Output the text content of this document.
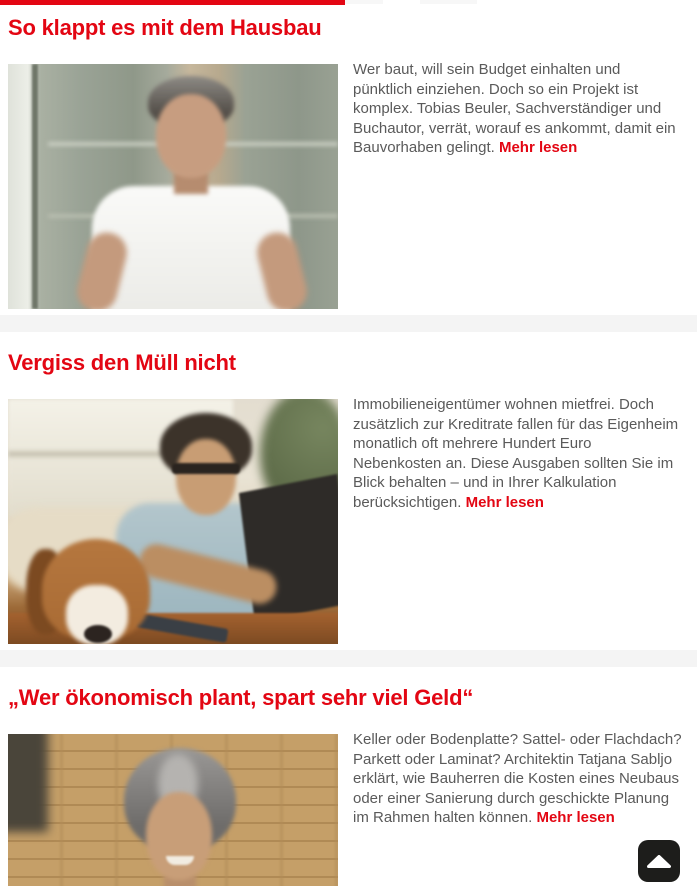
So klappt es mit dem Hausbau

Wer baut, will sein Budget einhalten und pünktlich einziehen. Doch so ein Projekt ist komplex. Tobias Beuler, Sachverständiger und Buchautor, verrät, worauf es ankommt, damit ein Bauvorhaben gelingt. Mehr lesen

Vergiss den Müll nicht

Immobilieneigentümer wohnen mietfrei. Doch zusätzlich zur Kreditrate fallen für das Eigenheim monatlich oft mehrere Hundert Euro Nebenkosten an. Diese Ausgaben sollten Sie im Blick behalten – und in Ihrer Kalkulation berücksichtigen. Mehr lesen

„Wer ökonomisch plant, spart sehr viel Geld“

Keller oder Bodenplatte? Sattel- oder Flachdach? Parkett oder Laminat? Architektin Tatjana Sabljo erklärt, wie Bauherren die Kosten eines Neubaus oder einer Sanierung durch geschickte Planung im Rahmen halten können. Mehr lesen
